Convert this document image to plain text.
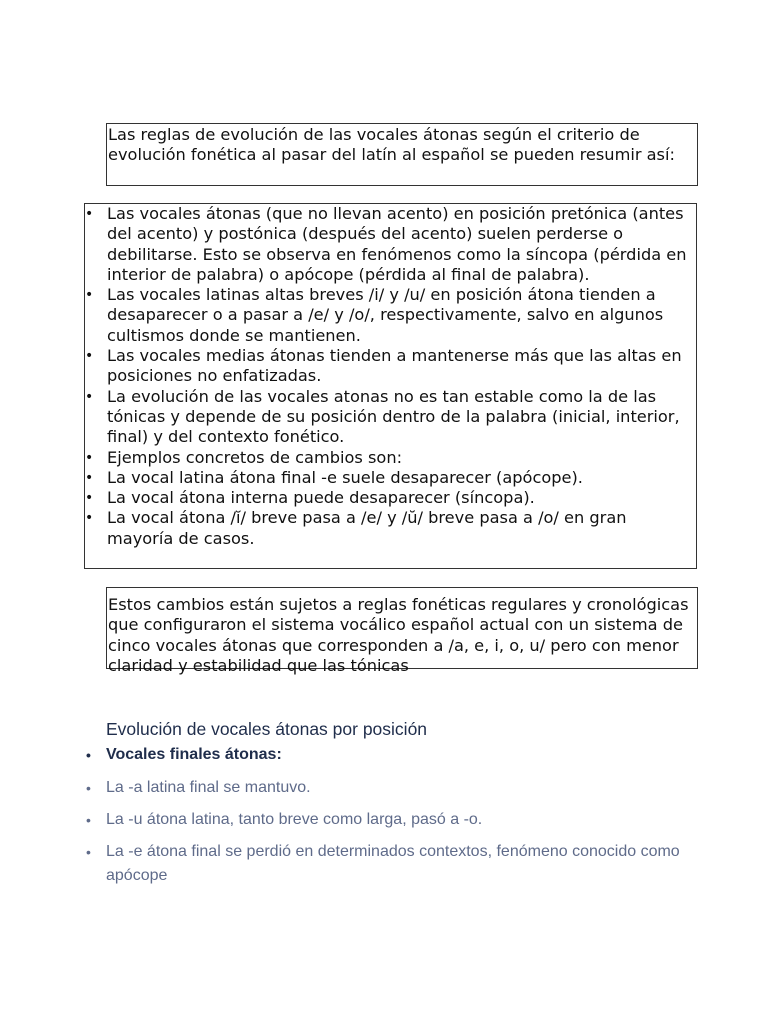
Las reglas de evolución de las vocales átonas según el criterio de evolución fonética al pasar del latín al español se pueden resumir así:

• Las vocales átonas (que no llevan acento) en posición pretónica (antes del acento) y postónica (después del acento) suelen perderse o debilitarse. Esto se observa en fenómenos como la síncopa (pérdida en interior de palabra) o apócope (pérdida al final de palabra).
• Las vocales latinas altas breves /i/ y /u/ en posición átona tienden a desaparecer o a pasar a /e/ y /o/, respectivamente, salvo en algunos cultismos donde se mantienen.
• Las vocales medias átonas tienden a mantenerse más que las altas en posiciones no enfatizadas.
• La evolución de las vocales atonas no es tan estable como la de las tónicas y depende de su posición dentro de la palabra (inicial, interior, final) y del contexto fonético.
• Ejemplos concretos de cambios son:
• La vocal latina átona final -e suele desaparecer (apócope).
• La vocal átona interna puede desaparecer (síncopa).
• La vocal átona /ĭ/ breve pasa a /e/ y /ŭ/ breve pasa a /o/ en gran mayoría de casos.

Estos cambios están sujetos a reglas fonéticas regulares y cronológicas que configuraron el sistema vocálico español actual con un sistema de cinco vocales átonas que corresponden a /a, e, i, o, u/ pero con menor claridad y estabilidad que las tónicas

Evolución de vocales átonas por posición
• Vocales finales átonas:
• La -a latina final se mantuvo.
• La -u átona latina, tanto breve como larga, pasó a -o.
• La -e átona final se perdió en determinados contextos, fenómeno conocido como apócope
